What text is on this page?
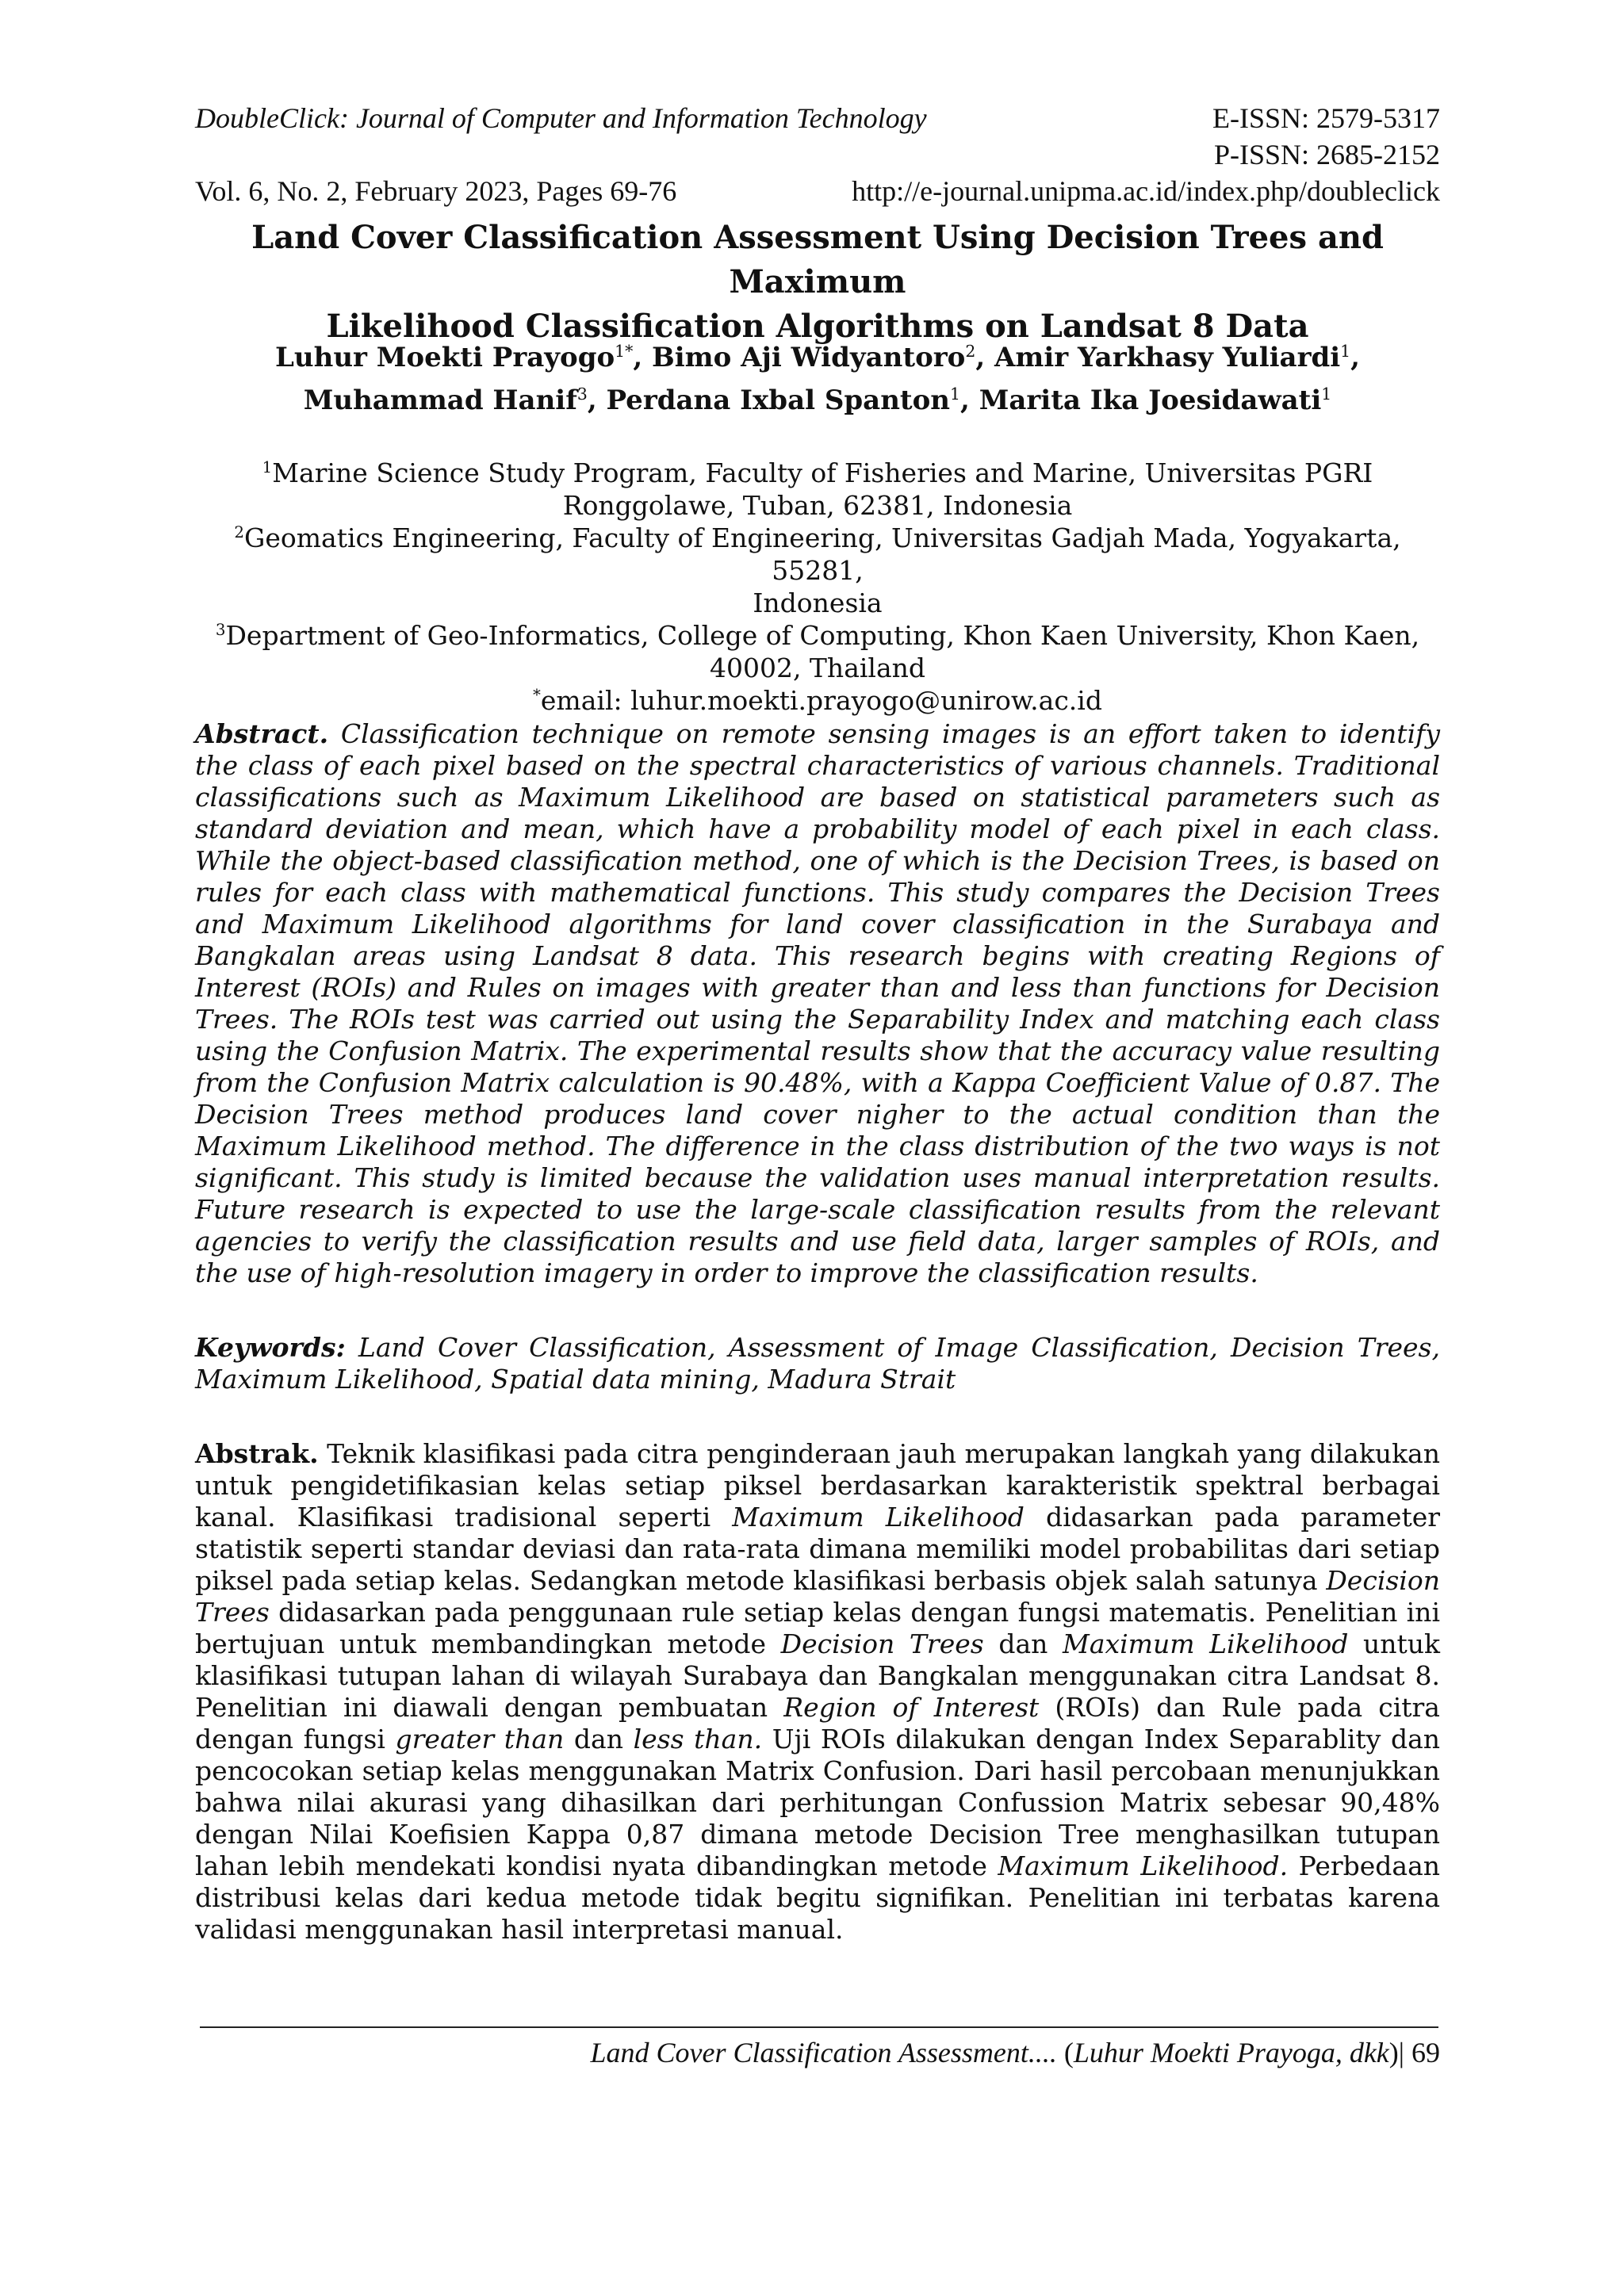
DoubleClick: Journal of Computer and Information Technology	E-ISSN: 2579-5317
P-ISSN: 2685-2152
Vol. 6, No. 2, February 2023, Pages 69-76	http://e-journal.unipma.ac.id/index.php/doubleclick
Land Cover Classification Assessment Using Decision Trees and Maximum
Likelihood Classification Algorithms on Landsat 8 Data
Luhur Moekti Prayogo$^{1*}$, Bimo Aji Widyantoro$^2$, Amir Yarkhasy Yuliardi$^1$,
Muhammad Hanif$^3$, Perdana Ixbal Spanton$^1$, Marita Ika Joesidawati$^1$
$^1$Marine Science Study Program, Faculty of Fisheries and Marine, Universitas PGRI
Ronggolawe, Tuban, 62381, Indonesia
$^2$Geomatics Engineering, Faculty of Engineering, Universitas Gadjah Mada, Yogyakarta, 55281,
Indonesia
$^3$Department of Geo-Informatics, College of Computing, Khon Kaen University, Khon Kaen,
40002, Thailand
*email: luhur.moekti.prayogo@unirow.ac.id

Abstract. Classification technique on remote sensing images is an effort taken to identify the class of each pixel based on the spectral characteristics of various channels. Traditional classifications such as Maximum Likelihood are based on statistical parameters such as standard deviation and mean, which have a probability model of each pixel in each class. While the object-based classification method, one of which is the Decision Trees, is based on rules for each class with mathematical functions. This study compares the Decision Trees and Maximum Likelihood algorithms for land cover classification in the Surabaya and Bangkalan areas using Landsat 8 data. This research begins with creating Regions of Interest (ROIs) and Rules on images with greater than and less than functions for Decision Trees. The ROIs test was carried out using the Separability Index and matching each class using the Confusion Matrix. The experimental results show that the accuracy value resulting from the Confusion Matrix calculation is 90.48%, with a Kappa Coefficient Value of 0.87. The Decision Trees method produces land cover nigher to the actual condition than the Maximum Likelihood method. The difference in the class distribution of the two ways is not significant. This study is limited because the validation uses manual interpretation results. Future research is expected to use the large-scale classification results from the relevant agencies to verify the classification results and use field data, larger samples of ROIs, and the use of high-resolution imagery in order to improve the classification results.

Keywords: Land Cover Classification, Assessment of Image Classification, Decision Trees, Maximum Likelihood, Spatial data mining, Madura Strait

Abstrak. Teknik klasifikasi pada citra penginderaan jauh merupakan langkah yang dilakukan untuk pengidetifikasian kelas setiap piksel berdasarkan karakteristik spektral berbagai kanal. Klasifikasi tradisional seperti Maximum Likelihood didasarkan pada parameter statistik seperti standar deviasi dan rata-rata dimana memiliki model probabilitas dari setiap piksel pada setiap kelas. Sedangkan metode klasifikasi berbasis objek salah satunya Decision Trees didasarkan pada penggunaan rule setiap kelas dengan fungsi matematis. Penelitian ini bertujuan untuk membandingkan metode Decision Trees dan Maximum Likelihood untuk klasifikasi tutupan lahan di wilayah Surabaya dan Bangkalan menggunakan citra Landsat 8. Penelitian ini diawali dengan pembuatan Region of Interest (ROIs) dan Rule pada citra dengan fungsi greater than dan less than. Uji ROIs dilakukan dengan Index Separablity dan pencocokan setiap kelas menggunakan Matrix Confusion. Dari hasil percobaan menunjukkan bahwa nilai akurasi yang dihasilkan dari perhitungan Confussion Matrix sebesar 90,48% dengan Nilai Koefisien Kappa 0,87 dimana metode Decision Tree menghasilkan tutupan lahan lebih mendekati kondisi nyata dibandingkan metode Maximum Likelihood. Perbedaan distribusi kelas dari kedua metode tidak begitu signifikan. Penelitian ini terbatas karena validasi menggunakan hasil interpretasi manual.

Land Cover Classification Assessment.... (Luhur Moekti Prayoga, dkk)| 69
